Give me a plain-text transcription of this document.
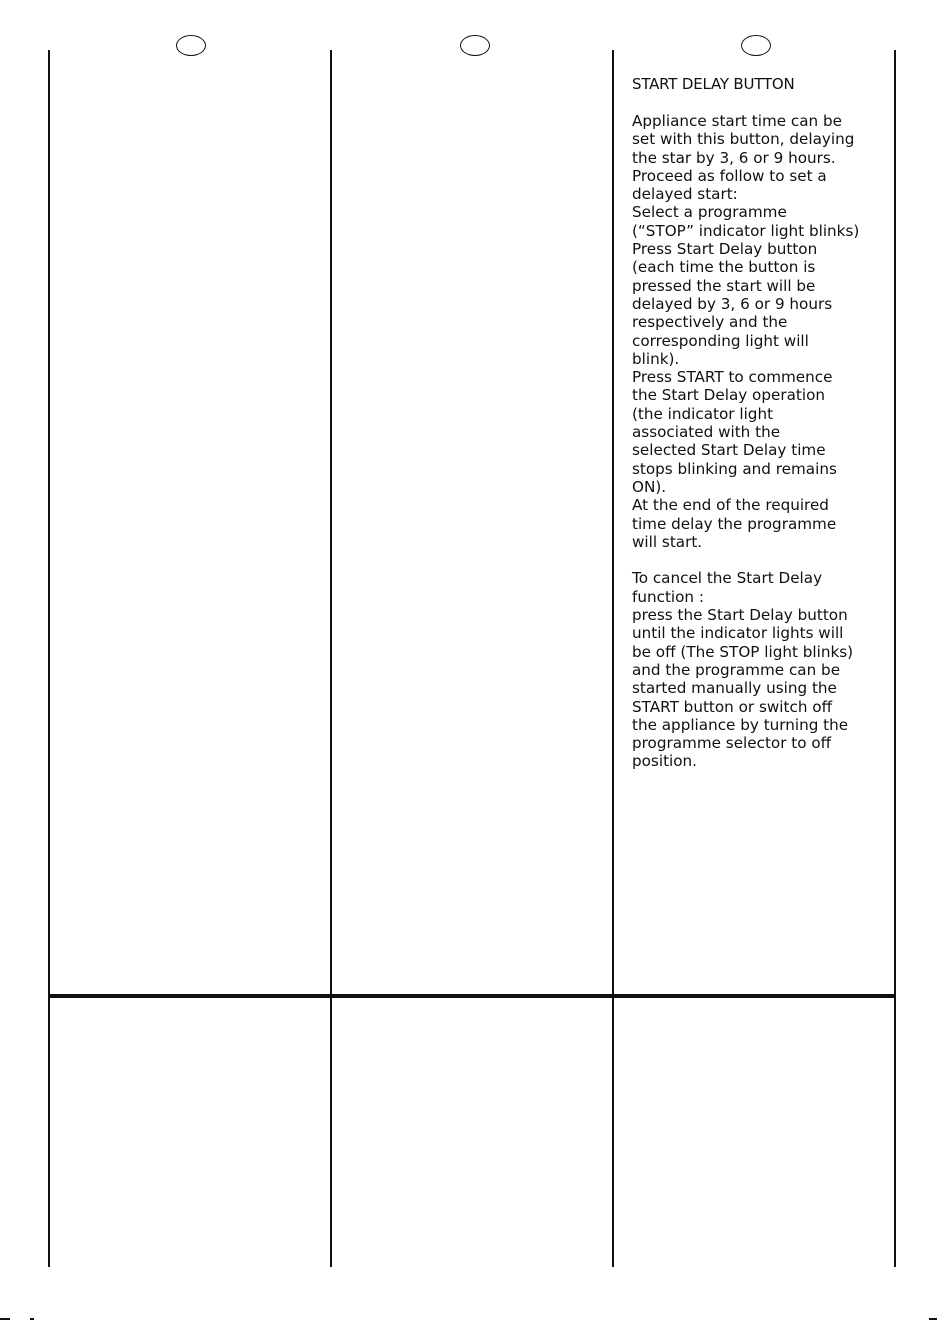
START DELAY BUTTON
Appliance start time can be
set with this button, delaying
the star by 3, 6 or 9 hours.
Proceed as follow to set a
delayed start:
Select a programme
(“STOP” indicator light blinks)
Press Start Delay button
(each time the button is
pressed the start will be
delayed by 3, 6 or 9 hours
respectively and the
corresponding light will
blink).
Press START to commence
the Start Delay operation
(the indicator light
associated with the
selected Start Delay time
stops blinking and remains
ON).
At the end of the required
time delay the programme
will start.
To cancel the Start Delay
function :
press the Start Delay button
until the indicator lights will
be off (The STOP light blinks)
and the programme can be
started manually using the
START button or switch off
the appliance by turning the
programme selector to off
position.
